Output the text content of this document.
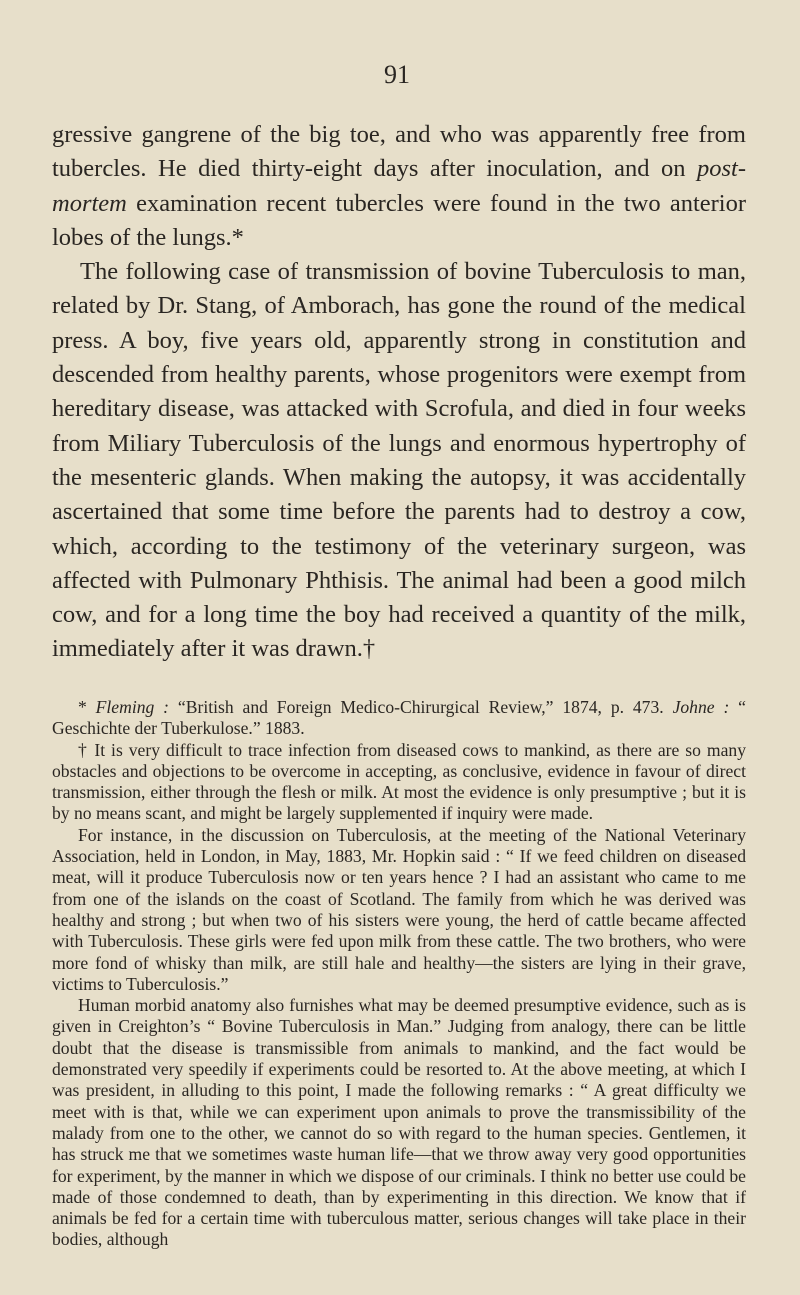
91

gressive gangrene of the big toe, and who was apparently free from tubercles. He died thirty-eight days after inoculation, and on post-mortem examination recent tubercles were found in the two anterior lobes of the lungs.*

The following case of transmission of bovine Tuberculosis to man, related by Dr. Stang, of Amborach, has gone the round of the medical press. A boy, five years old, apparently strong in constitution and descended from healthy parents, whose progenitors were exempt from hereditary disease, was attacked with Scrofula, and died in four weeks from Miliary Tuberculosis of the lungs and enormous hypertrophy of the mesenteric glands. When making the autopsy, it was accidentally ascertained that some time before the parents had to destroy a cow, which, according to the testimony of the veterinary surgeon, was affected with Pulmonary Phthisis. The animal had been a good milch cow, and for a long time the boy had received a quantity of the milk, immediately after it was drawn.†

* Fleming : “British and Foreign Medico-Chirurgical Review,” 1874, p. 473. Johne : “ Geschichte der Tuberkulose.” 1883.

† It is very difficult to trace infection from diseased cows to mankind, as there are so many obstacles and objections to be overcome in accepting, as conclusive, evidence in favour of direct transmission, either through the flesh or milk. At most the evidence is only presumptive ; but it is by no means scant, and might be largely supplemented if inquiry were made.

For instance, in the discussion on Tuberculosis, at the meeting of the National Veterinary Association, held in London, in May, 1883, Mr. Hopkin said : “ If we feed children on diseased meat, will it produce Tuberculosis now or ten years hence ? I had an assistant who came to me from one of the islands on the coast of Scotland. The family from which he was derived was healthy and strong ; but when two of his sisters were young, the herd of cattle became affected with Tuberculosis. These girls were fed upon milk from these cattle. The two brothers, who were more fond of whisky than milk, are still hale and healthy—the sisters are lying in their grave, victims to Tuberculosis.”

Human morbid anatomy also furnishes what may be deemed presumptive evidence, such as is given in Creighton’s “ Bovine Tuberculosis in Man.” Judging from analogy, there can be little doubt that the disease is transmissible from animals to mankind, and the fact would be demonstrated very speedily if experiments could be resorted to. At the above meeting, at which I was president, in alluding to this point, I made the following remarks : “ A great difficulty we meet with is that, while we can experiment upon animals to prove the transmissibility of the malady from one to the other, we cannot do so with regard to the human species. Gentlemen, it has struck me that we sometimes waste human life—that we throw away very good opportunities for experiment, by the manner in which we dispose of our criminals. I think no better use could be made of those condemned to death, than by experimenting in this direction. We know that if animals be fed for a certain time with tuberculous matter, serious changes will take place in their bodies, although
